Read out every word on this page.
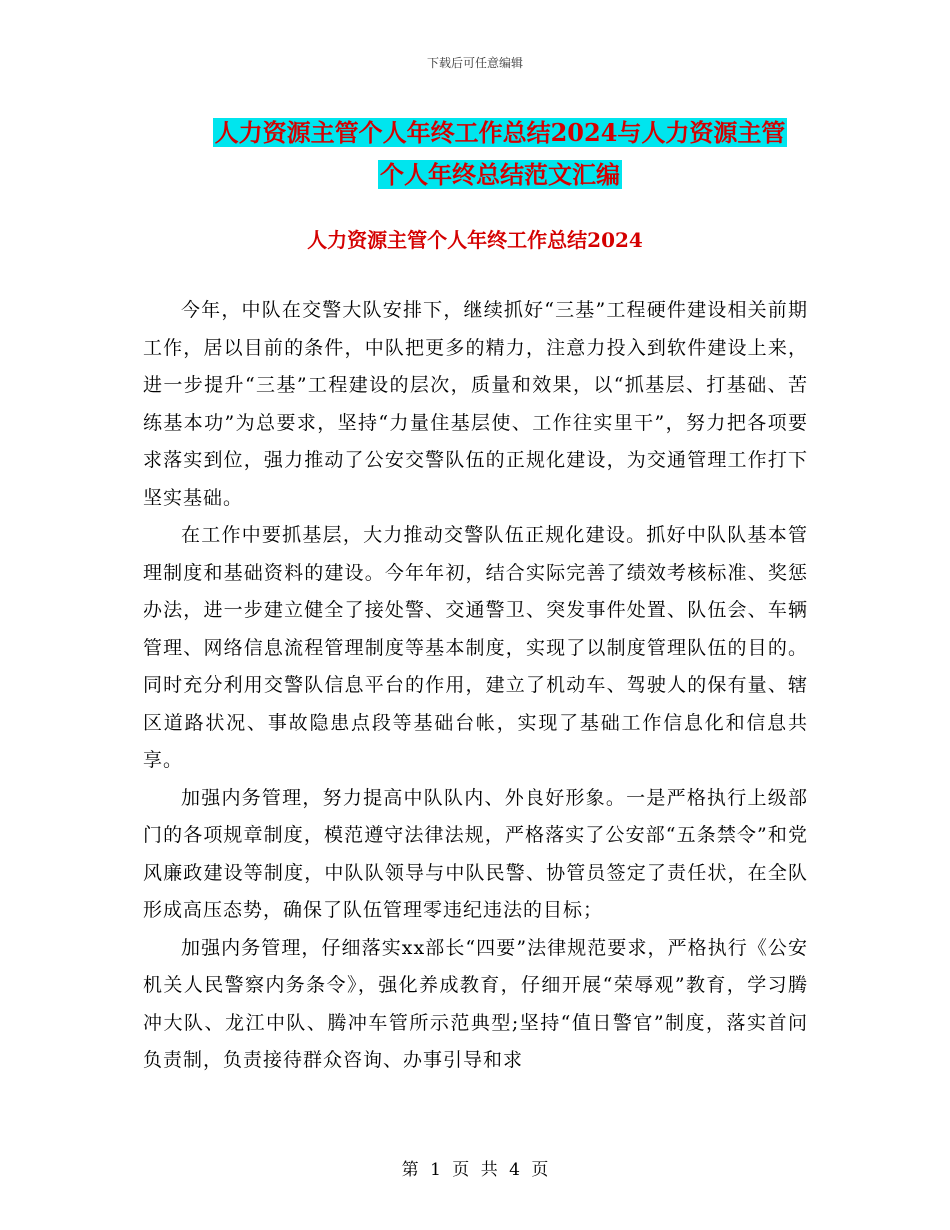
下载后可任意编辑
人力资源主管个人年终工作总结2024与人力资源主管
个人年终总结范文汇编
人力资源主管个人年终工作总结2024

今年，中队在交警大队安排下，继续抓好“三基”工程硬件建设相关前期工作，居以目前的条件，中队把更多的精力，注意力投入到软件建设上来，进一步提升“三基”工程建设的层次，质量和效果，以“抓基层、打基础、苦练基本功”为总要求，坚持“力量住基层使、工作往实里干”，努力把各项要求落实到位，强力推动了公安交警队伍的正规化建设，为交通管理工作打下坚实基础。

在工作中要抓基层，大力推动交警队伍正规化建设。抓好中队队基本管理制度和基础资料的建设。今年年初，结合实际完善了绩效考核标准、奖惩办法，进一步建立健全了接处警、交通警卫、突发事件处置、队伍会、车辆管理、网络信息流程管理制度等基本制度，实现了以制度管理队伍的目的。同时充分利用交警队信息平台的作用，建立了机动车、驾驶人的保有量、辖区道路状况、事故隐患点段等基础台帐，实现了基础工作信息化和信息共享。

加强内务管理，努力提高中队队内、外良好形象。一是严格执行上级部门的各项规章制度，模范遵守法律法规，严格落实了公安部“五条禁令”和党风廉政建设等制度，中队队领导与中队民警、协管员签定了责任状，在全队形成高压态势，确保了队伍管理零违纪违法的目标；

加强内务管理，仔细落实xx部长“四要”法律规范要求，严格执行《公安机关人民警察内务条令》，强化养成教育，仔细开展“荣辱观”教育，学习腾冲大队、龙江中队、腾冲车管所示范典型;坚持“值日警官”制度，落实首问负责制，负责接待群众咨询、办事引导和求

第 1 页 共 4 页
